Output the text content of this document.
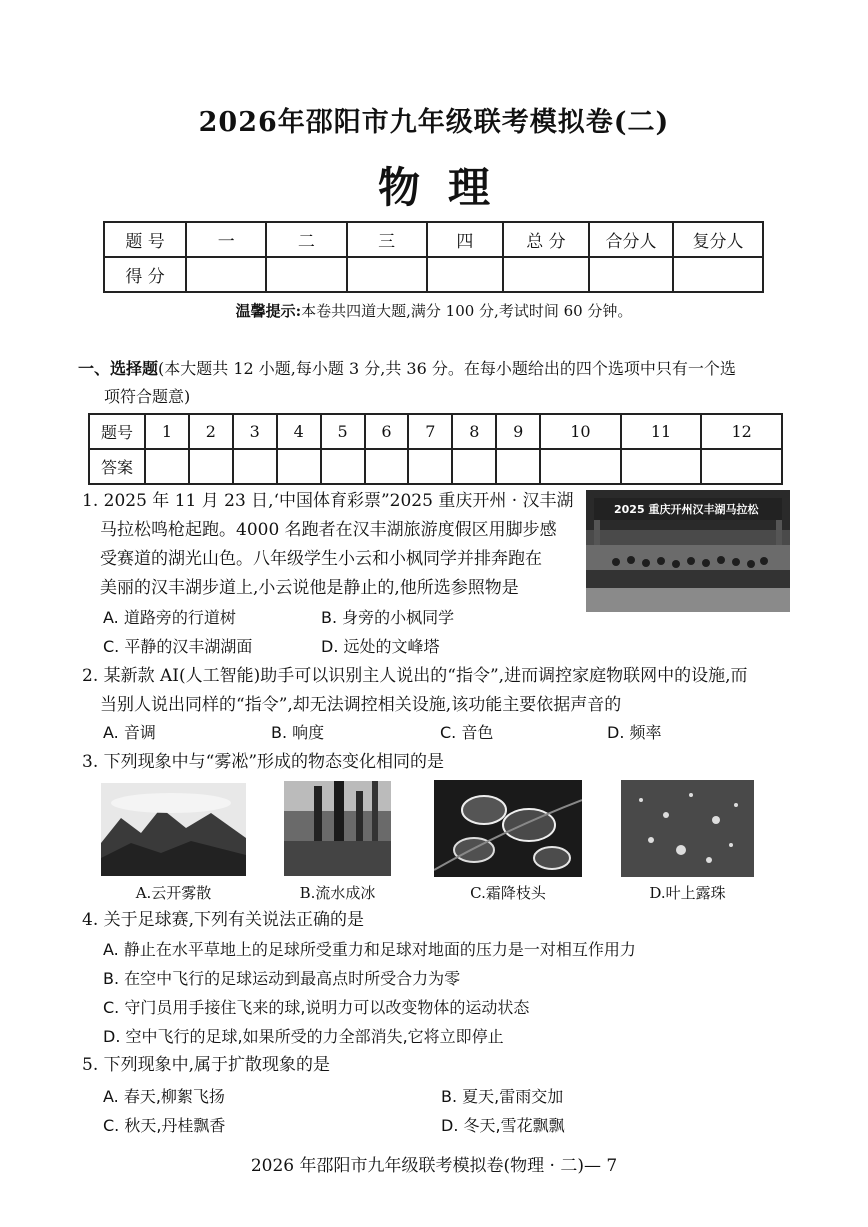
2026年邵阳市九年级联考模拟卷(二)
物理
题 号	一	二	三	四	总 分	合分人	复分人
得 分							
温馨提示:本卷共四道大题,满分 100 分,考试时间 60 分钟。
一、选择题(本大题共 12 小题,每小题 3 分,共 36 分。在每小题给出的四个选项中只有一个选
项符合题意)
题号	1	2	3	4	5	6	7	8	9	10	11	12
答案												
1. 2025 年 11 月 23 日,‘中国体育彩票”2025 重庆开州 · 汉丰湖
马拉松鸣枪起跑。4000 名跑者在汉丰湖旅游度假区用脚步感
受赛道的湖光山色。八年级学生小云和小枫同学并排奔跑在
美丽的汉丰湖步道上,小云说他是静止的,他所选参照物是
A. 道路旁的行道树	B. 身旁的小枫同学
C. 平静的汉丰湖湖面	D. 远处的文峰塔
2025 重庆开州汉丰湖马拉松
2. 某新款 AI(人工智能)助手可以识别主人说出的“指令”,进而调控家庭物联网中的设施,而
当别人说出同样的“指令”,却无法调控相关设施,该功能主要依据声音的
A. 音调	B. 响度	C. 音色	D. 频率
3. 下列现象中与“雾凇”形成的物态变化相同的是
A.云开雾散	B.流水成冰	C.霜降枝头	D.叶上露珠
4. 关于足球赛,下列有关说法正确的是
A. 静止在水平草地上的足球所受重力和足球对地面的压力是一对相互作用力
B. 在空中飞行的足球运动到最高点时所受合力为零
C. 守门员用手接住飞来的球,说明力可以改变物体的运动状态
D. 空中飞行的足球,如果所受的力全部消失,它将立即停止
5. 下列现象中,属于扩散现象的是
A. 春天,柳絮飞扬	B. 夏天,雷雨交加
C. 秋天,丹桂飘香	D. 冬天,雪花飘飘
2026 年邵阳市九年级联考模拟卷(物理 · 二)— 7
